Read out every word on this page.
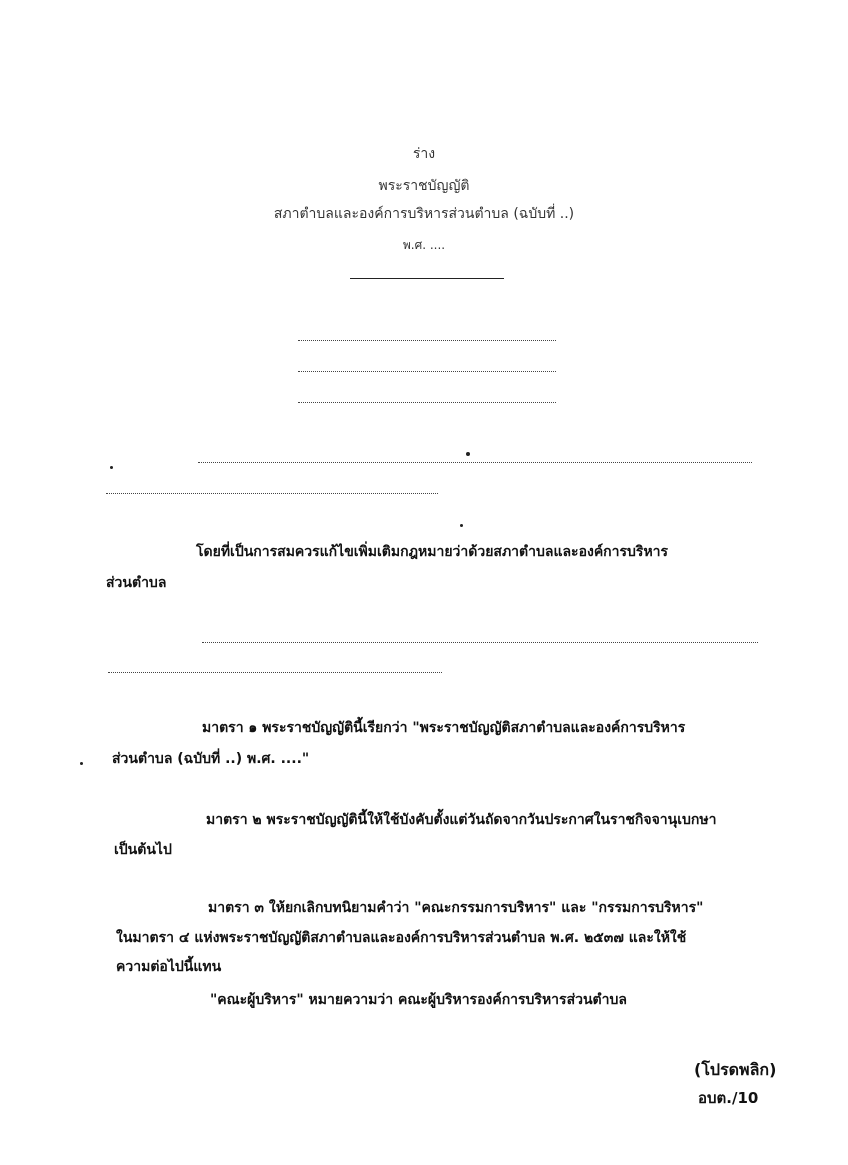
ร่าง
พระราชบัญญัติ
สภาตำบลและองค์การบริหารส่วนตำบล (ฉบับที่ ..)
พ.ศ. ....
โดยที่เป็นการสมควรแก้ไขเพิ่มเติมกฎหมายว่าด้วยสภาตำบลและองค์การบริหาร
ส่วนตำบล
มาตรา ๑ พระราชบัญญัตินี้เรียกว่า "พระราชบัญญัติสภาตำบลและองค์การบริหาร
ส่วนตำบล (ฉบับที่ ..) พ.ศ. ...."
มาตรา ๒ พระราชบัญญัตินี้ให้ใช้บังคับตั้งแต่วันถัดจากวันประกาศในราชกิจจานุเบกษา
เป็นต้นไป
มาตรา ๓ ให้ยกเลิกบทนิยามคำว่า "คณะกรรมการบริหาร" และ "กรรมการบริหาร"
ในมาตรา ๔ แห่งพระราชบัญญัติสภาตำบลและองค์การบริหารส่วนตำบล พ.ศ. ๒๕๓๗ และให้ใช้
ความต่อไปนี้แทน
"คณะผู้บริหาร" หมายความว่า คณะผู้บริหารองค์การบริหารส่วนตำบล
(โปรดพลิก)
อบต./10
